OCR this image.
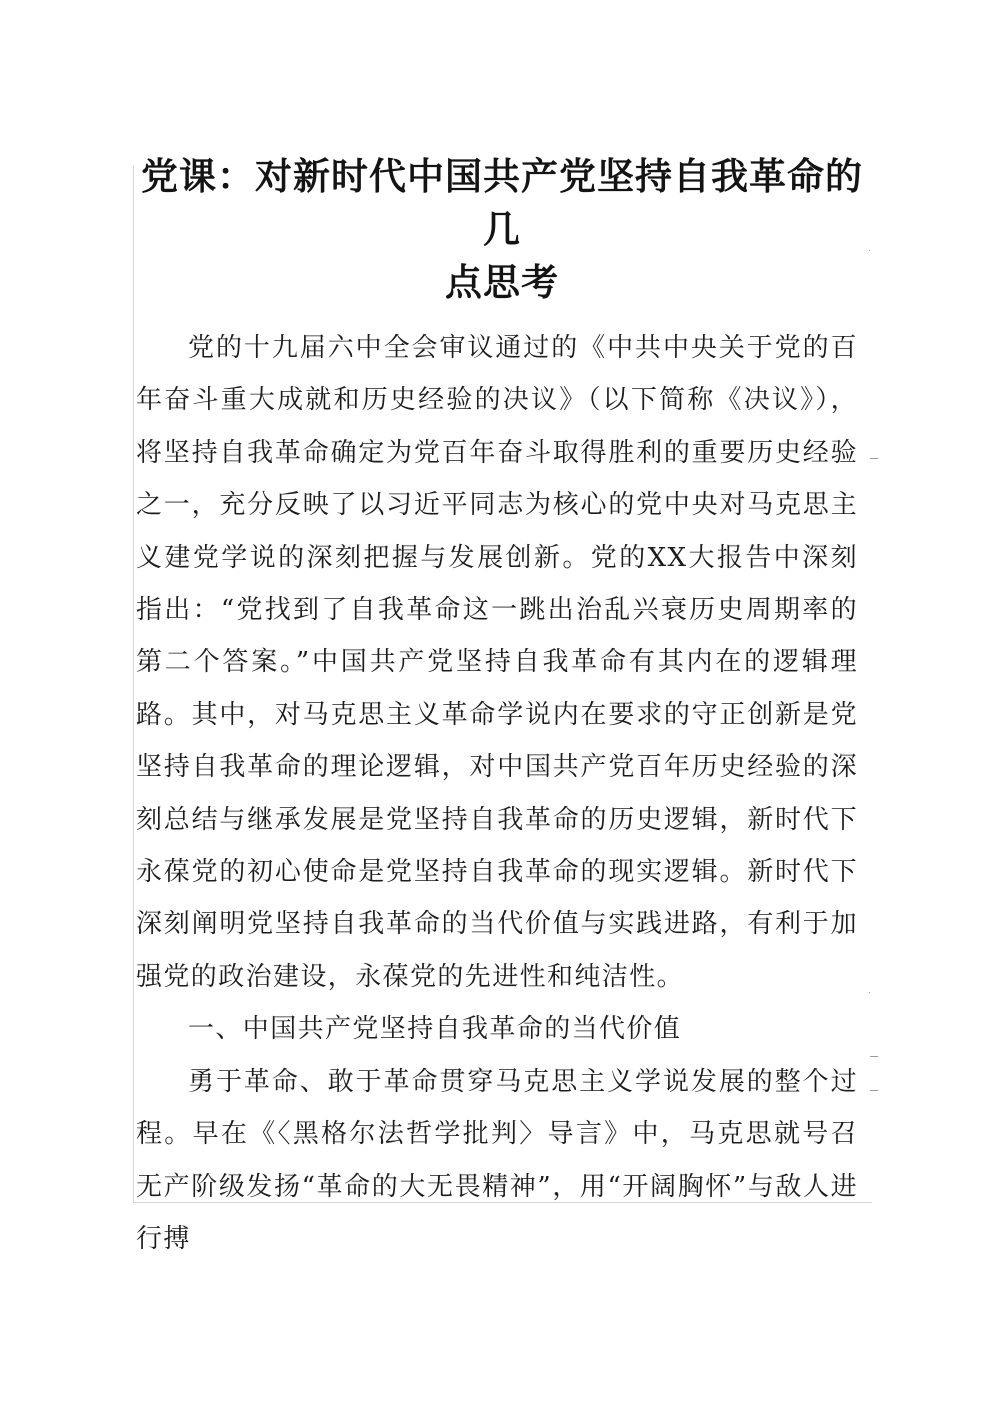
党课：对新时代中国共产党坚持自我革命的几
点思考

党的十九届六中全会审议通过的《中共中央关于党的百年奋斗重大成就和历史经验的决议》（以下简称《决议》），将坚持自我革命确定为党百年奋斗取得胜利的重要历史经验之一，充分反映了以习近平同志为核心的党中央对马克思主义建党学说的深刻把握与发展创新。党的XX大报告中深刻指出：“党找到了自我革命这一跳出治乱兴衰历史周期率的第二个答案。”中国共产党坚持自我革命有其内在的逻辑理路。其中，对马克思主义革命学说内在要求的守正创新是党坚持自我革命的理论逻辑，对中国共产党百年历史经验的深刻总结与继承发展是党坚持自我革命的历史逻辑，新时代下永葆党的初心使命是党坚持自我革命的现实逻辑。新时代下深刻阐明党坚持自我革命的当代价值与实践进路，有利于加强党的政治建设，永葆党的先进性和纯洁性。

一、中国共产党坚持自我革命的当代价值

勇于革命、敢于革命贯穿马克思主义学说发展的整个过程。早在《〈黑格尔法哲学批判〉导言》中，马克思就号召无产阶级发扬“革命的大无畏精神”，用“开阔胸怀”与敌人进行搏
